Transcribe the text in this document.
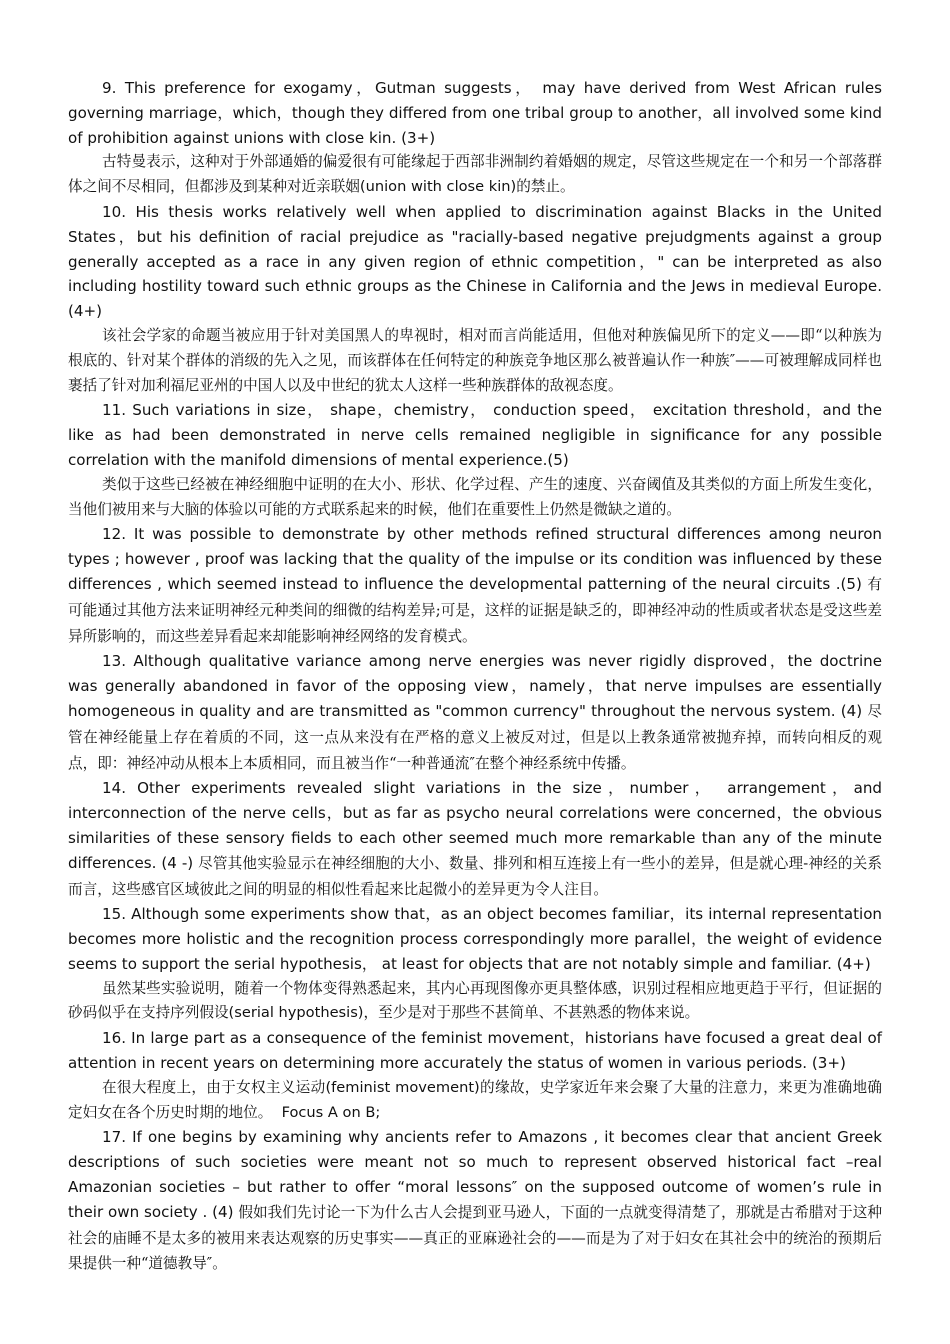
9. This preference for exogamy，Gutman suggests， may have derived from West African rules governing marriage，which，though they differed from one tribal group to another，all involved some kind of prohibition against unions with close kin. (3+)

古特曼表示，这种对于外部通婚的偏爱很有可能缘起于西部非洲制约着婚姻的规定，尽管这些规定在一个和另一个部落群体之间不尽相同，但都涉及到某种对近亲联姻(union with close kin)的禁止。

10. His thesis works relatively well when applied to discrimination against Blacks in the United States，but his definition of racial prejudice as "racially-based negative prejudgments against a group generally accepted as a race in any given region of ethnic competition，" can be interpreted as also including hostility toward such ethnic groups as the Chinese in California and the Jews in medieval Europe. (4+)

该社会学家的命题当被应用于针对美国黑人的卑视时，相对而言尚能适用，但他对种族偏见所下的定义——即“以种族为根底的、针对某个群体的消级的先入之见，而该群体在任何特定的种族竞争地区那么被普遍认作一种族″——可被理解成同样也裹括了针对加利福尼亚州的中国人以及中世纪的犹太人这样一些种族群体的敌视态度。

11. Such variations in size， shape，chemistry， conduction speed， excitation threshold，and the like as had been demonstrated in nerve cells remained negligible in significance for any possible correlation with the manifold dimensions of mental experience.(5)

类似于这些已经被在神经细胞中证明的在大小、形状、化学过程、产生的速度、兴奋阈值及其类似的方面上所发生变化，当他们被用来与大脑的体验以可能的方式联系起来的时候，他们在重要性上仍然是微缺之道的。

12. It was possible to demonstrate by other methods refined structural differences among neuron types ; however , proof was lacking that the quality of the impulse or its condition was influenced by these differences , which seemed instead to influence the developmental patterning of the neural circuits .(5) 有可能通过其他方法来证明神经元种类间的细微的结构差异;可是，这样的证据是缺乏的，即神经冲动的性质或者状态是受这些差异所影响的，而这些差异看起来却能影响神经网络的发育模式。

13. Although qualitative variance among nerve energies was never rigidly disproved，the doctrine was generally abandoned in favor of the opposing view，namely，that nerve impulses are essentially homogeneous in quality and are transmitted as "common currency" throughout the nervous system. (4) 尽管在神经能量上存在着质的不同，这一点从来没有在严格的意义上被反对过，但是以上教条通常被抛弃掉，而转向相反的观点，即：神经冲动从根本上本质相同，而且被当作“一种普通流″在整个神经系统中传播。

14. Other experiments revealed slight variations in the size，number， arrangement，and interconnection of the nerve cells，but as far as psycho neural correlations were concerned，the obvious similarities of these sensory fields to each other seemed much more remarkable than any of the minute differences. (4 -) 尽管其他实验显示在神经细胞的大小、数量、排列和相互连接上有一些小的差异，但是就心理-神经的关系而言，这些感官区域彼此之间的明显的相似性看起来比起微小的差异更为令人注目。

15. Although some experiments show that，as an object becomes familiar，its internal representation becomes more holistic and the recognition process correspondingly more parallel，the weight of evidence seems to support the serial hypothesis， at least for objects that are not notably simple and familiar. (4+)

虽然某些实验说明，随着一个物体变得熟悉起来，其内心再现图像亦更具整体感，识别过程相应地更趋于平行，但证据的砂码似乎在支持序列假设(serial hypothesis)，至少是对于那些不甚简单、不甚熟悉的物体来说。

16. In large part as a consequence of the feminist movement，historians have focused a great deal of attention in recent years on determining more accurately the status of women in various periods. (3+)

在很大程度上，由于女权主义运动(feminist movement)的缘故，史学家近年来会聚了大量的注意力，来更为准确地确定妇女在各个历史时期的地位。  Focus A on B;

17. If one begins by examining why ancients refer to Amazons , it becomes clear that ancient Greek descriptions of such societies were meant not so much to represent observed historical fact –real Amazonian societies – but rather to offer “moral lessons″ on the supposed outcome of women’s rule in their own society . (4) 假如我们先讨论一下为什么古人会提到亚马逊人，下面的一点就变得清楚了，那就是古希腊对于这种社会的庙睡不是太多的被用来表达观察的历史事实——真正的亚麻逊社会的——而是为了对于妇女在其社会中的统治的预期后果提供一种“道德教导″。
